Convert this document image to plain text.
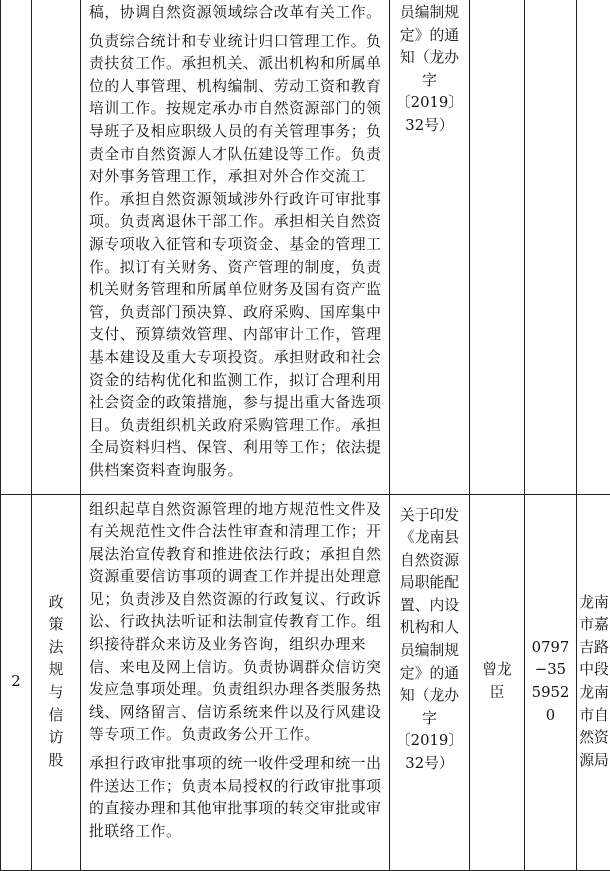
		稿，协调自然资源领域综合改革有关工作。

负责综合统计和专业统计归口管理工作。负责扶贫工作。承担机关、派出机构和所属单位的人事管理、机构编制、劳动工资和教育培训工作。按规定承办市自然资源部门的领导班子及相应职级人员的有关管理事务；负责全市自然资源人才队伍建设等工作。负责对外事务管理工作，承担对外合作交流工作。承担自然资源领域涉外行政许可审批事项。负责离退休干部工作。承担相关自然资源专项收入征管和专项资金、基金的管理工作。拟订有关财务、资产管理的制度，负责机关财务管理和所属单位财务及国有资产监管，负责部门预决算、政府采购、国库集中支付、预算绩效管理、内部审计工作，管理基本建设及重大专项投资。承担财政和社会资金的结构优化和监测工作，拟订合理利用社会资金的政策措施，参与提出重大备选项目。负责组织机关政府采购管理工作。承担全局资料归档、保管、利用等工作；依法提供档案资料查询服务。	员编制规定》的通知（龙办字〔2019〕32号）			
2	政策法规与信访股	组织起草自然资源管理的地方规范性文件及有关规范性文件合法性审查和清理工作；开展法治宣传教育和推进依法行政；承担自然资源重要信访事项的调查工作并提出处理意见；负责涉及自然资源的行政复议、行政诉讼、行政执法听证和法制宣传教育工作。组织接待群众来访及业务咨询，组织办理来信、来电及网上信访。负责协调群众信访突发应急事项处理。负责组织办理各类服务热线、网络留言、信访系统来件以及行风建设等专项工作。负责政务公开工作。

承担行政审批事项的统一收件受理和统一出件送达工作；负责本局授权的行政审批事项的直接办理和其他审批事项的转交审批或审批联络工作。	关于印发《龙南县自然资源局职能配置、内设机构和人员编制规定》的通知（龙办字〔2019〕32号）	曾龙臣	0797−3559520	龙南市嘉吉路中段龙南市自然资源局
